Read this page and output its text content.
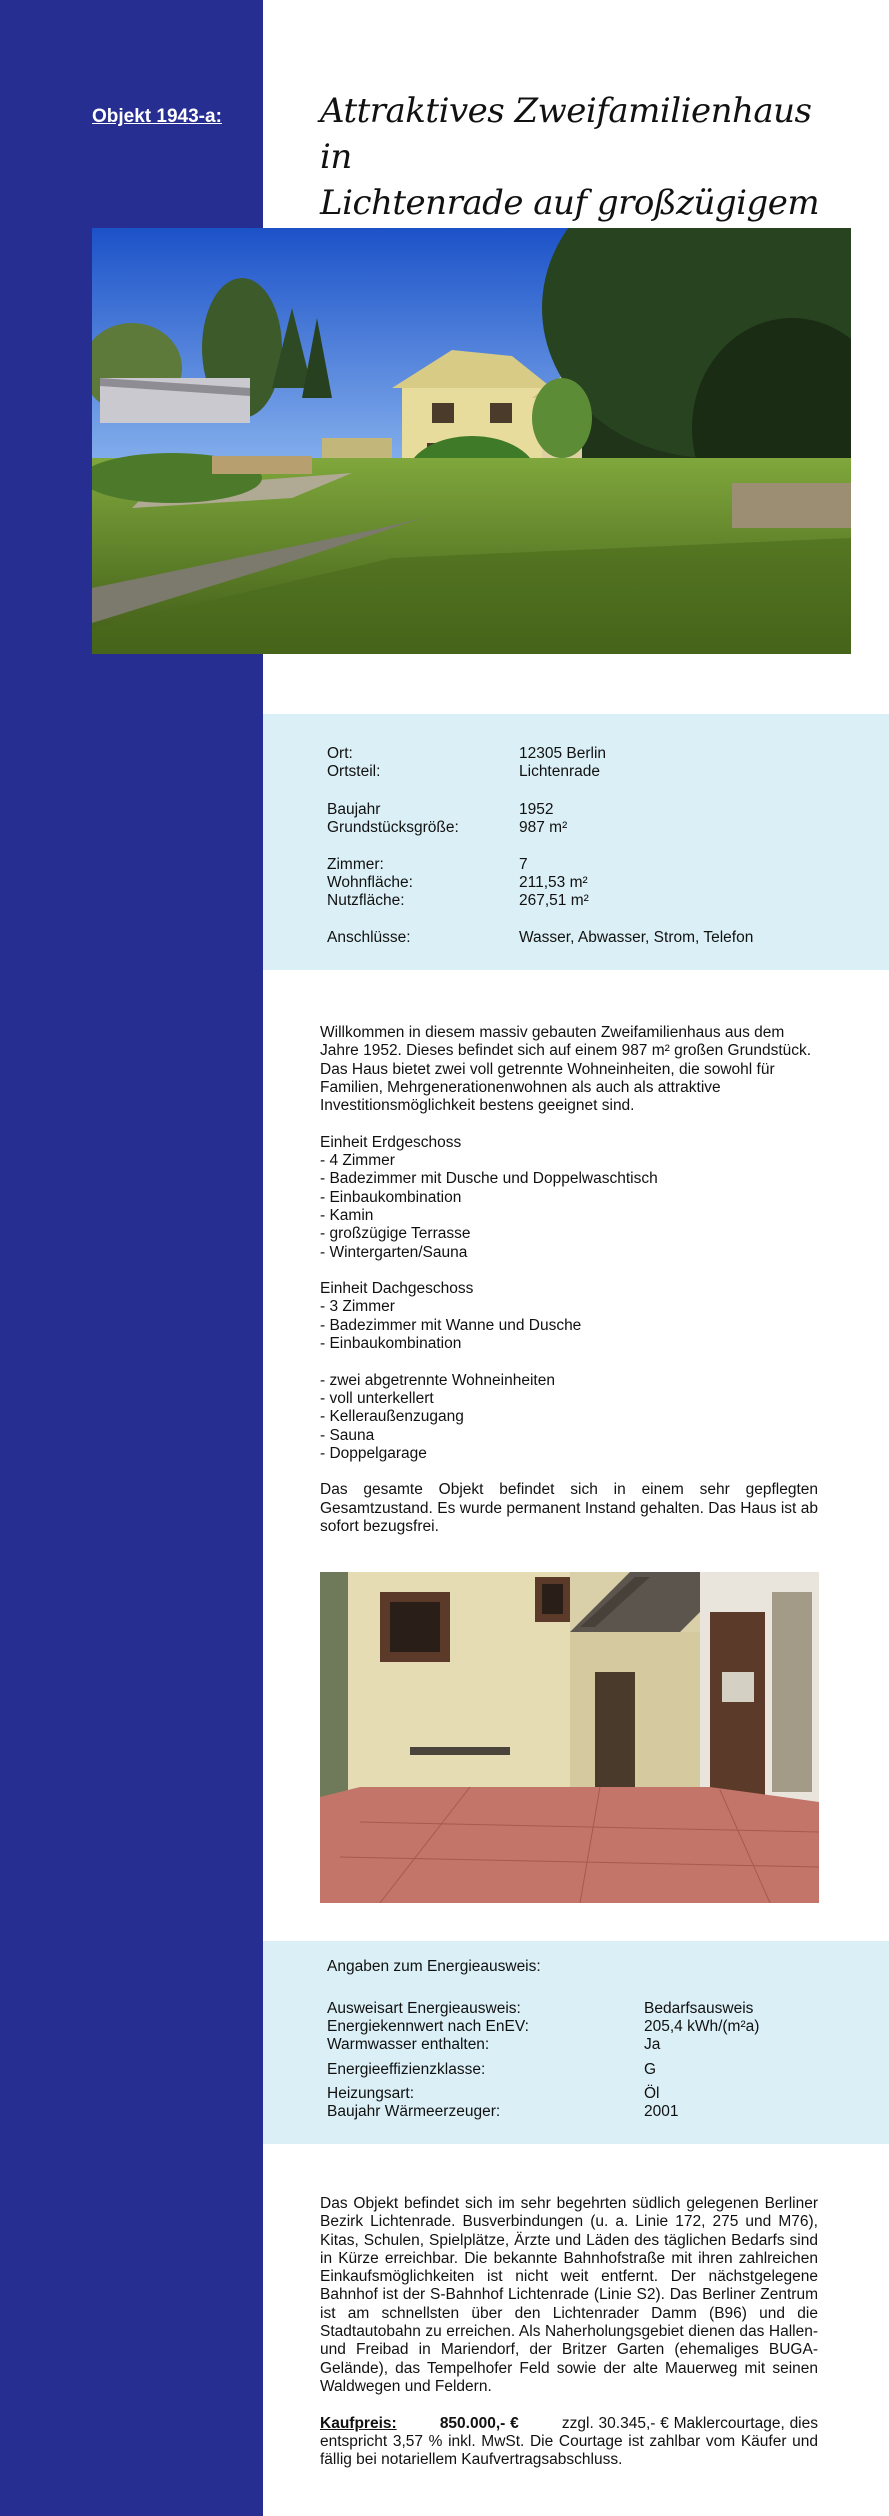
Objekt 1943-a:	Attraktives Zweifamilienhaus in
Lichtenrade auf großzügigem
Ort:	12305 Berlin
Ortsteil:	Lichtenrade
Baujahr	1952
Grundstücksgröße:	987 m²
Zimmer:	7
Wohnfläche:	211,53 m²
Nutzfläche:	267,51 m²
Anschlüsse:	Wasser, Abwasser, Strom, Telefon

Willkommen in diesem massiv gebauten Zweifamilienhaus aus dem Jahre 1952. Dieses befindet sich auf einem 987 m² großen Grundstück. Das Haus bietet zwei voll getrennte Wohneinheiten, die sowohl für Familien, Mehrgenerationenwohnen als auch als attraktive Investitionsmöglichkeit bestens geeignet sind.

Einheit Erdgeschoss
- 4 Zimmer
- Badezimmer mit Dusche und Doppelwaschtisch
- Einbaukombination
- Kamin
- großzügige Terrasse
- Wintergarten/Sauna
Einheit Dachgeschoss
- 3 Zimmer
- Badezimmer mit Wanne und Dusche
- Einbaukombination
- zwei abgetrennte Wohneinheiten
- voll unterkellert
- Kelleraußenzugang
- Sauna
- Doppelgarage

Das gesamte Objekt befindet sich in einem sehr gepflegten Gesamtzustand. Es wurde permanent Instand gehalten. Das Haus ist ab sofort bezugsfrei.

Angaben zum Energieausweis:
Ausweisart Energieausweis:	Bedarfsausweis
Energiekennwert nach EnEV:	205,4 kWh/(m²a)
Warmwasser enthalten:	Ja
Energieeffizienzklasse:	G
Heizungsart:	Öl
Baujahr Wärmeerzeuger:	2001

Das Objekt befindet sich im sehr begehrten südlich gelegenen Berliner Bezirk Lichtenrade. Busverbindungen (u. a. Linie 172, 275 und M76), Kitas, Schulen, Spielplätze, Ärzte und Läden des täglichen Bedarfs sind in Kürze erreichbar. Die bekannte Bahnhofstraße mit ihren zahlreichen Einkaufsmöglichkeiten ist nicht weit entfernt. Der nächstgelegene Bahnhof ist der S-Bahnhof Lichtenrade (Linie S2). Das Berliner Zentrum ist am schnellsten über den Lichtenrader Damm (B96) und die Stadtautobahn zu erreichen. Als Naherholungsgebiet dienen das Hallen- und Freibad in Mariendorf, der Britzer Garten (ehemaliges BUGA-Gelände), das Tempelhofer Feld sowie der alte Mauerweg mit seinen Waldwegen und Feldern.

Kaufpreis:	850.000,- €	zzgl. 30.345,- € Maklercourtage, dies entspricht 3,57 % inkl. MwSt. Die Courtage ist zahlbar vom Käufer und fällig bei notariellem Kaufvertragsabschluss.
